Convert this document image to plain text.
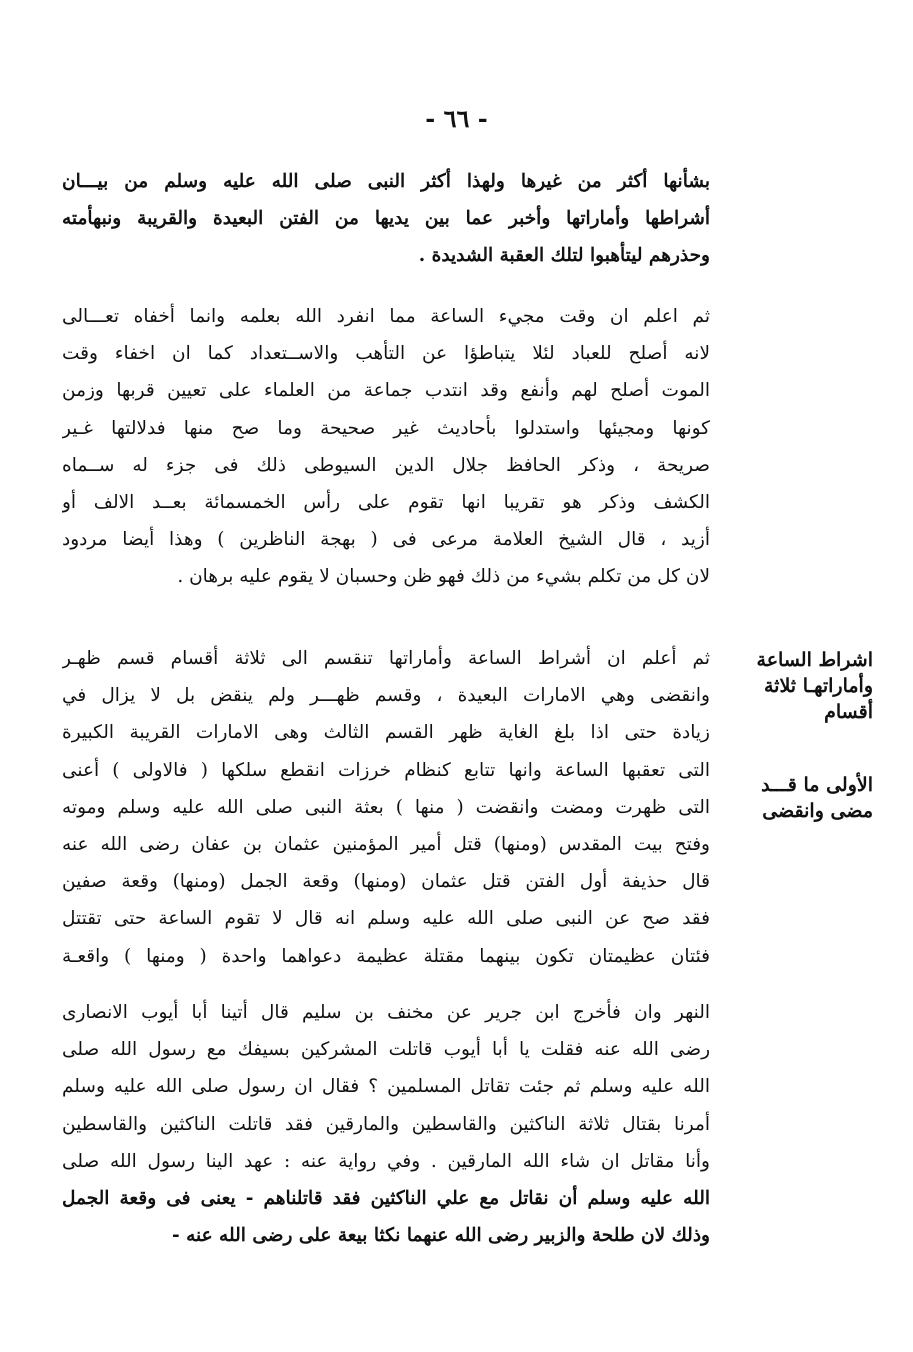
- ٦٦ -
بشأنها أكثر من غيرها ولهذا أكثر النبى صلى الله عليه وسلم من بيـــان
أشراطها وأماراتها وأخبر عما بين يديها من الفتن البعيدة والقريبة ونبهأمته
وحذرهم ليتأهبوا لتلك العقبة الشديدة .
ثم اعلم ان وقت مجيء الساعة مما انفرد الله بعلمه وانما أخفاه تعـــالى
لانه أصلح للعباد لئلا يتباطؤا عن التأهب والاســتعداد كما ان اخفاء وقت
الموت أصلح لهم وأنفع وقد انتدب جماعة من العلماء على تعيين قربها وزمن
كونها ومجيئها واستدلوا بأحاديث غير صحيحة وما صح منها فدلالتها غـير
صريحة ، وذكر الحافظ جلال الدين السيوطى ذلك فى جزء له ســماه
الكشف وذكر هو تقريبا انها تقوم على رأس الخمسمائة بعــد الالف أو
أزيد ، قال الشيخ العلامة مرعى فى ( بهجة الناظرين ) وهذا أيضا مردود
لان كل من تكلم بشيء من ذلك فهو ظن وحسبان لا يقوم عليه برهان .
ثم أعلم ان أشراط الساعة وأماراتها تنقسم الى ثلاثة أقسام قسم ظهـر
وانقضى وهي الامارات البعيدة ، وقسم ظهـــر ولم ينقض بل لا يزال في
زيادة حتى اذا بلغ الغاية ظهر القسم الثالث وهى الامارات القريبة الكبيرة
التى تعقبها الساعة وانها تتابع كنظام خرزات انقطع سلكها ( فالاولى ) أعنى
التى ظهرت ومضت وانقضت ( منها ) بعثة النبى صلى الله عليه وسلم وموته
وفتح بيت المقدس (ومنها) قتل أمير المؤمنين عثمان بن عفان رضى الله عنه
قال حذيفة أول الفتن قتل عثمان (ومنها) وقعة الجمل (ومنها) وقعة صفين
فقد صح عن النبى صلى الله عليه وسلم انه قال لا تقوم الساعة حتى تقتتل
فئتان عظيمتان تكون بينهما مقتلة عظيمة دعواهما واحدة ( ومنها ) واقعـة
النهر وان فأخرج ابن جرير عن مخنف بن سليم قال أتينا أبا أيوب الانصارى
رضى الله عنه فقلت يا أبا أيوب قاتلت المشركين بسيفك مع رسول الله صلى
الله عليه وسلم ثم جئت تقاتل المسلمين ؟ فقال ان رسول صلى الله عليه وسلم
أمرنا بقتال ثلاثة الناكثين والقاسطين والمارقين فقد قاتلت الناكثين والقاسطين
وأنا مقاتل ان شاء الله المارقين . وفي رواية عنه : عهد الينا رسول الله صلى
الله عليه وسلم أن نقاتل مع علي الناكثين فقد قاتلناهم - يعنى فى وقعة الجمل
وذلك لان طلحة والزبير رضى الله عنهما نكثا بيعة على رضى الله عنه -
اشراط الساعة
وأماراتهـا ثلاثة
أقسام
الأولى ما قـــد
مضى وانقضى
